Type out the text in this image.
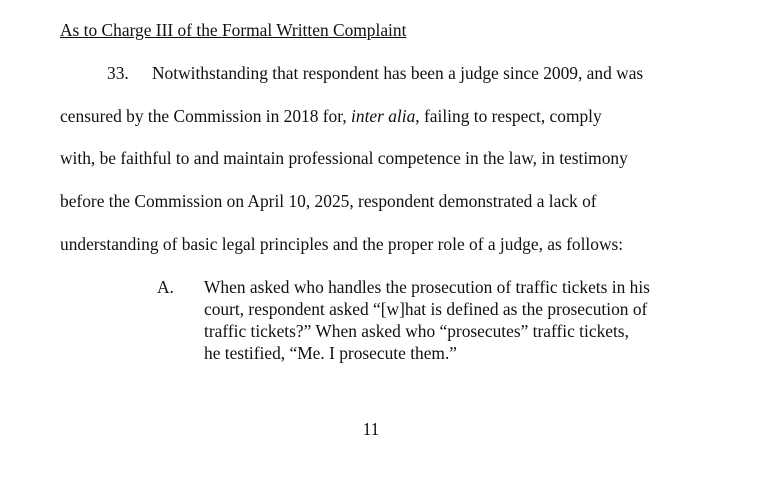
As to Charge III of the Formal Written Complaint
33. Notwithstanding that respondent has been a judge since 2009, and was
censured by the Commission in 2018 for, inter alia, failing to respect, comply
with, be faithful to and maintain professional competence in the law, in testimony
before the Commission on April 10, 2025, respondent demonstrated a lack of
understanding of basic legal principles and the proper role of a judge, as follows:
A. When asked who handles the prosecution of traffic tickets in his
court, respondent asked “[w]hat is defined as the prosecution of
traffic tickets?” When asked who “prosecutes” traffic tickets,
he testified, “Me. I prosecute them.”
11
